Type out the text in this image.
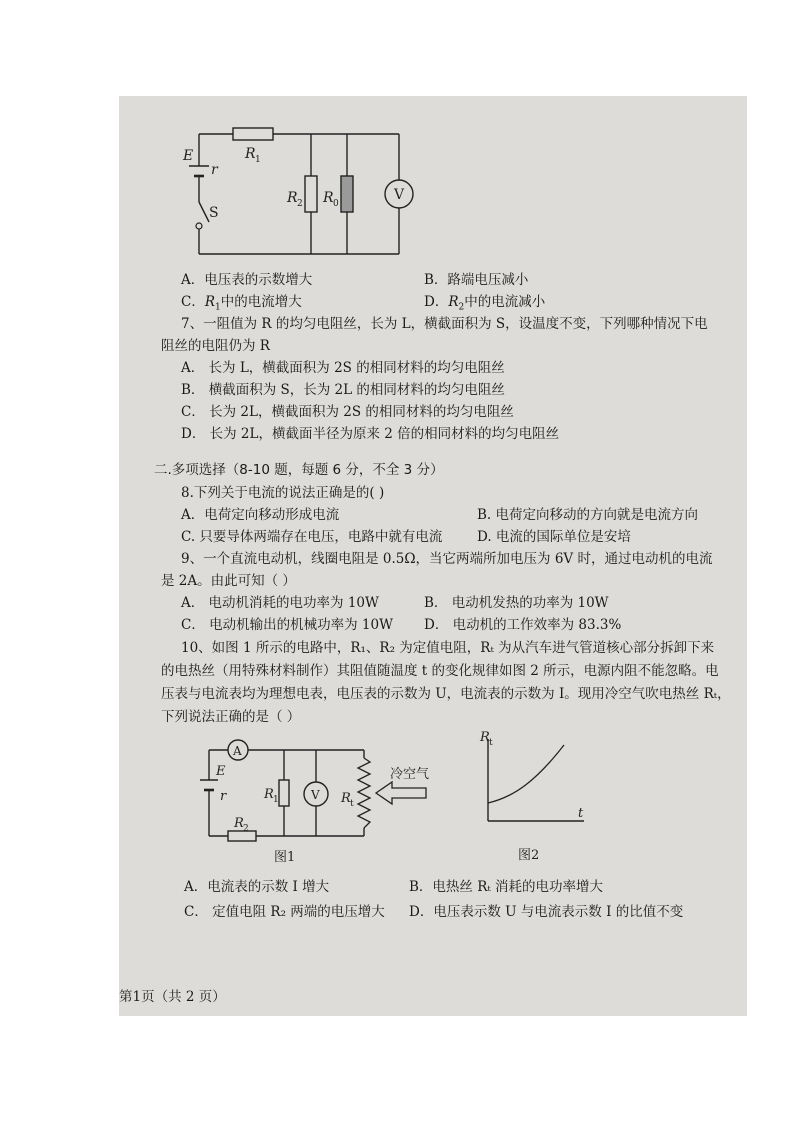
E
r
S
R 1
R 2 R 0
V
A．电压表的示数增大	B．路端电压减小
C．$R_1$中的电流增大	D．$R_2$中的电流减小
7、一阻值为 R 的均匀电阻丝，长为 L，横截面积为 S，设温度不变，下列哪种情况下电
阻丝的电阻仍为 R
A． 长为 L，横截面积为 2S 的相同材料的均匀电阻丝
B． 横截面积为 S，长为 2L 的相同材料的均匀电阻丝
C． 长为 2L，横截面积为 2S 的相同材料的均匀电阻丝
D． 长为 2L，横截面半径为原来 2 倍的相同材料的均匀电阻丝
二.多项选择（8-10 题，每题 6 分，不全 3 分）
8.下列关于电流的说法正确是的( )
A．电荷定向移动形成电流	B. 电荷定向移动的方向就是电流方向
C. 只要导体两端存在电压，电路中就有电流	D. 电流的国际单位是安培
9、一个直流电动机，线圈电阻是 0.5Ω，当它两端所加电压为 6V 时，通过电动机的电流
是 2A。由此可知（ ）
A． 电动机消耗的电功率为 10W	B． 电动机发热的功率为 10W
C． 电动机输出的机械功率为 10W D． 电动机的工作效率为 83.3%
10、如图 1 所示的电路中，R₁、R₂ 为定值电阻，Rₜ 为从汽车进气管道核心部分拆卸下来
的电热丝（用特殊材料制作）其阻值随温度 t 的变化规律如图 2 所示，电源内阻不能忽略。电
压表与电流表均为理想电表，电压表的示数为 U，电流表的示数为 I。现用冷空气吹电热丝 Rₜ，
下列说法正确的是（ ）
A
E
r	R 1	V R t
R 2
冷空气
图1
R t
t
图2
A．电流表的示数 I 增大	B．电热丝 Rₜ 消耗的电功率增大
C． 定值电阻 R₂ 两端的电压增大 D．电压表示数 U 与电流表示数 I 的比值不变
第1页（共 2 页）
